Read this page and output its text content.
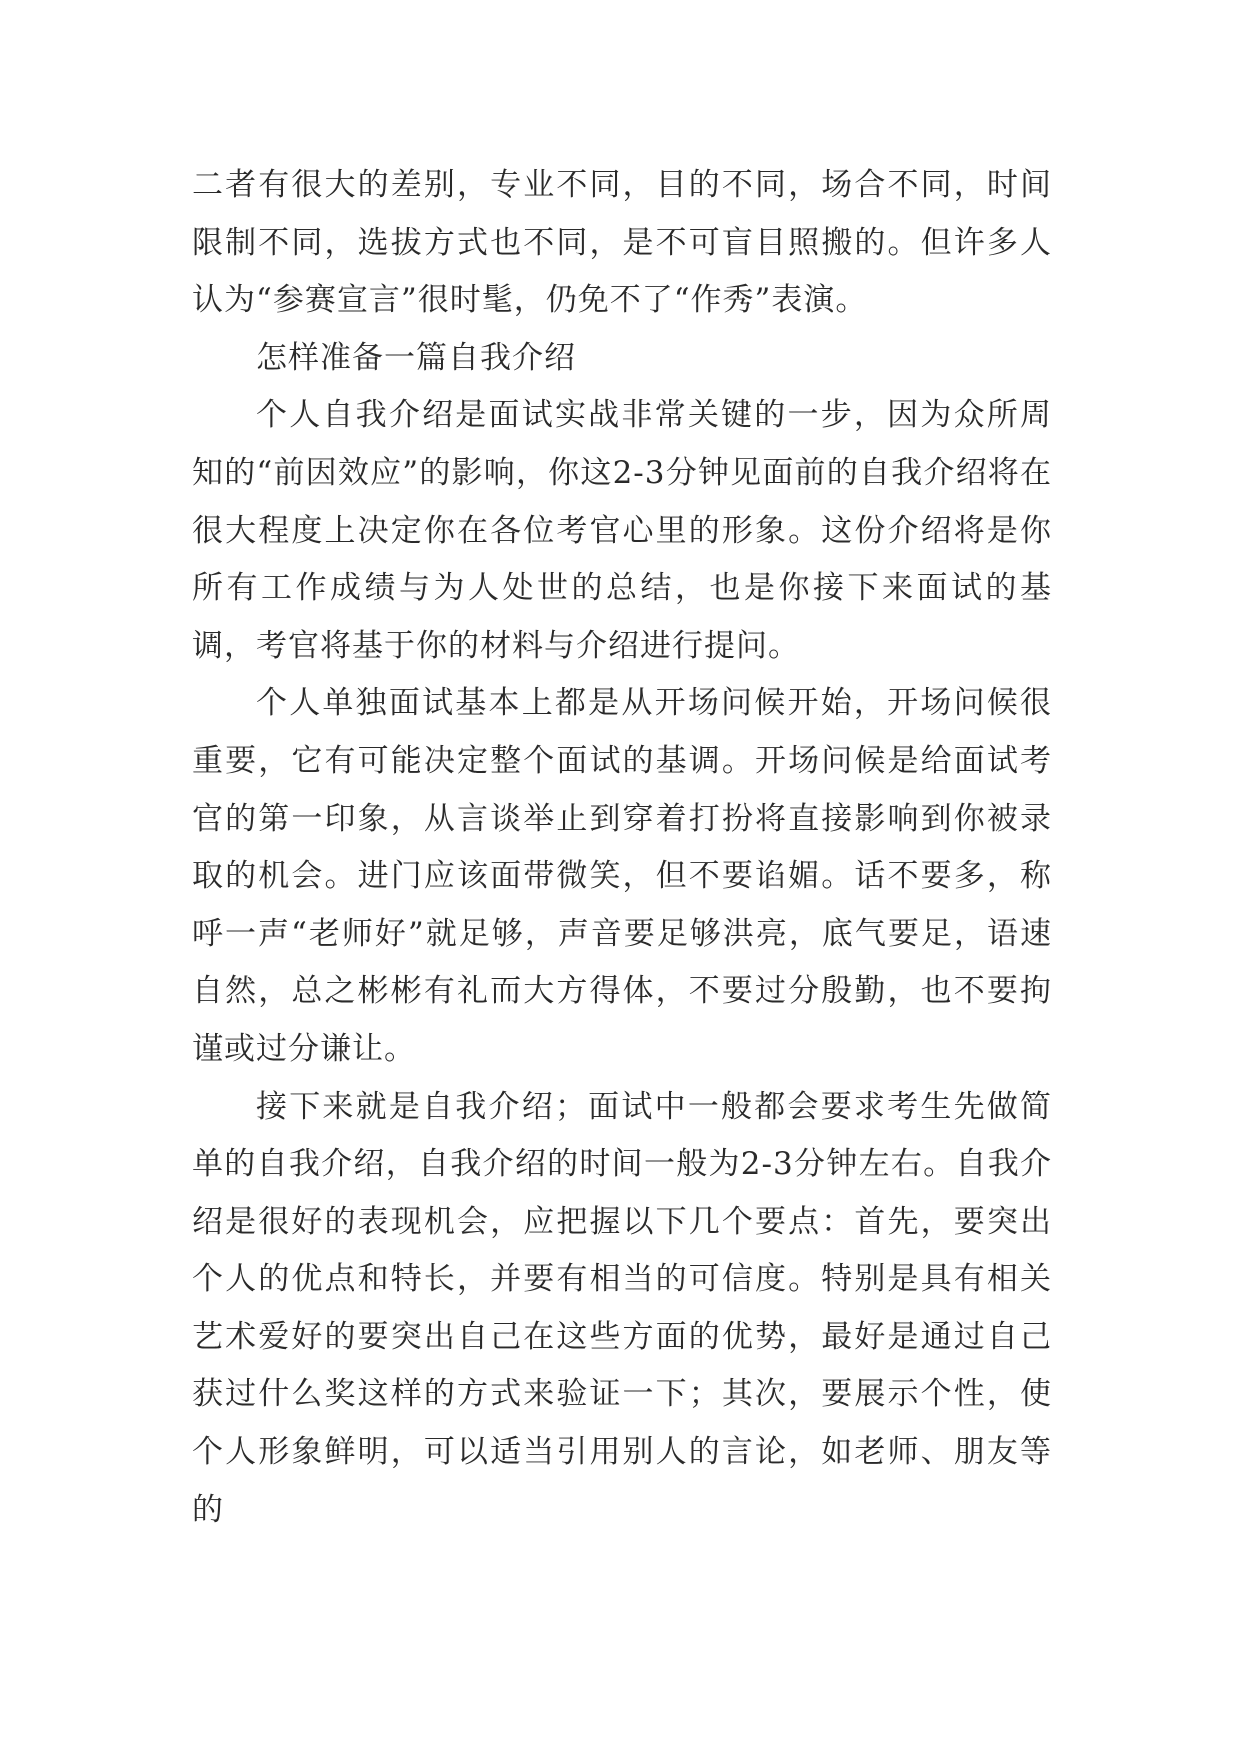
二者有很大的差别，专业不同，目的不同，场合不同，时间限制不同，选拔方式也不同，是不可盲目照搬的。但许多人认为“参赛宣言”很时髦，仍免不了“作秀”表演。

怎样准备一篇自我介绍

个人自我介绍是面试实战非常关键的一步，因为众所周知的“前因效应”的影响，你这2-3分钟见面前的自我介绍将在很大程度上决定你在各位考官心里的形象。这份介绍将是你所有工作成绩与为人处世的总结，也是你接下来面试的基调，考官将基于你的材料与介绍进行提问。

个人单独面试基本上都是从开场问候开始，开场问候很重要，它有可能决定整个面试的基调。开场问候是给面试考官的第一印象，从言谈举止到穿着打扮将直接影响到你被录取的机会。进门应该面带微笑，但不要谄媚。话不要多，称呼一声“老师好”就足够，声音要足够洪亮，底气要足，语速自然，总之彬彬有礼而大方得体，不要过分殷勤，也不要拘谨或过分谦让。

接下来就是自我介绍；面试中一般都会要求考生先做简单的自我介绍，自我介绍的时间一般为2-3分钟左右。自我介绍是很好的表现机会，应把握以下几个要点：首先，要突出个人的优点和特长，并要有相当的可信度。特别是具有相关艺术爱好的要突出自己在这些方面的优势，最好是通过自己获过什么奖这样的方式来验证一下；其次，要展示个性，使个人形象鲜明，可以适当引用别人的言论，如老师、朋友等的
